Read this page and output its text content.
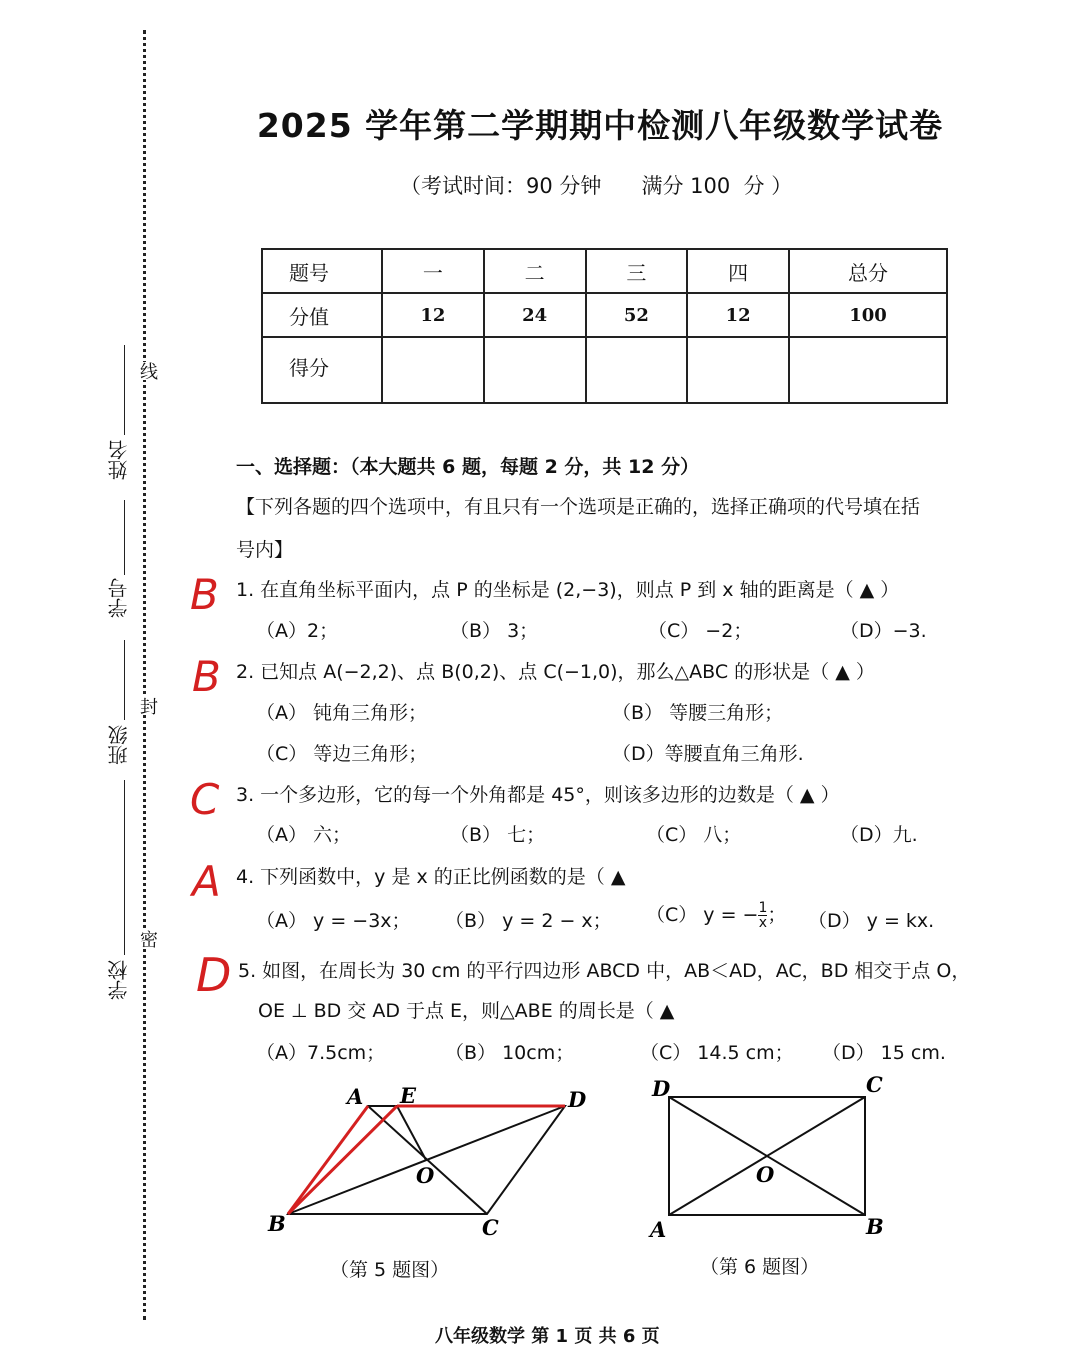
线
封
密
姓名
学号
班级
学校
2025 学年第二学期期中检测八年级数学试卷
（考试时间：90 分钟      满分 100  分 ）
题号	一	二	三	四	总分
分值	12	24	52	12	100
得分					
一、选择题：（本大题共 6 题，每题 2 分，共 12 分）
【下列各题的四个选项中，有且只有一个选项是正确的，选择正确项的代号填在括
号内】
B 1. 在直角坐标平面内，点 P 的坐标是 (2,−3)，则点 P 到 x 轴的距离是（ ▲ ）
（A）2；	（B） 3；	（C） −2；	（D）−3.
B 2. 已知点 A(−2,2)、点 B(0,2)、点 C(−1,0)，那么△ABC 的形状是（ ▲ ）
（A） 钝角三角形；	（B） 等腰三角形；
（C） 等边三角形；	（D）等腰直角三角形.
C 3. 一个多边形，它的每一个外角都是 45°，则该多边形的边数是（ ▲ ）
（A） 六；	（B） 七；	（C） 八；	（D）九.
A 4. 下列函数中，y 是 x 的正比例函数的是（ ▲
（A） y = −3x； （B） y = 2 − x； （C） y = − $\frac{1}{x}$ ； （D） y = kx.
D 5. 如图，在周长为 30 cm 的平行四边形 ABCD 中，AB＜AD，AC，BD 相交于点 O，
OE ⊥ BD 交 AD 于点 E，则△ABE 的周长是（ ▲
（A）7.5cm；	（B） 10cm；	（C） 14.5 cm； （D） 15 cm.
A E	D
O
B	C
（第 5 题图）
D	C
O
A	B
（第 6 题图）
八年级数学 第 1 页 共 6 页
